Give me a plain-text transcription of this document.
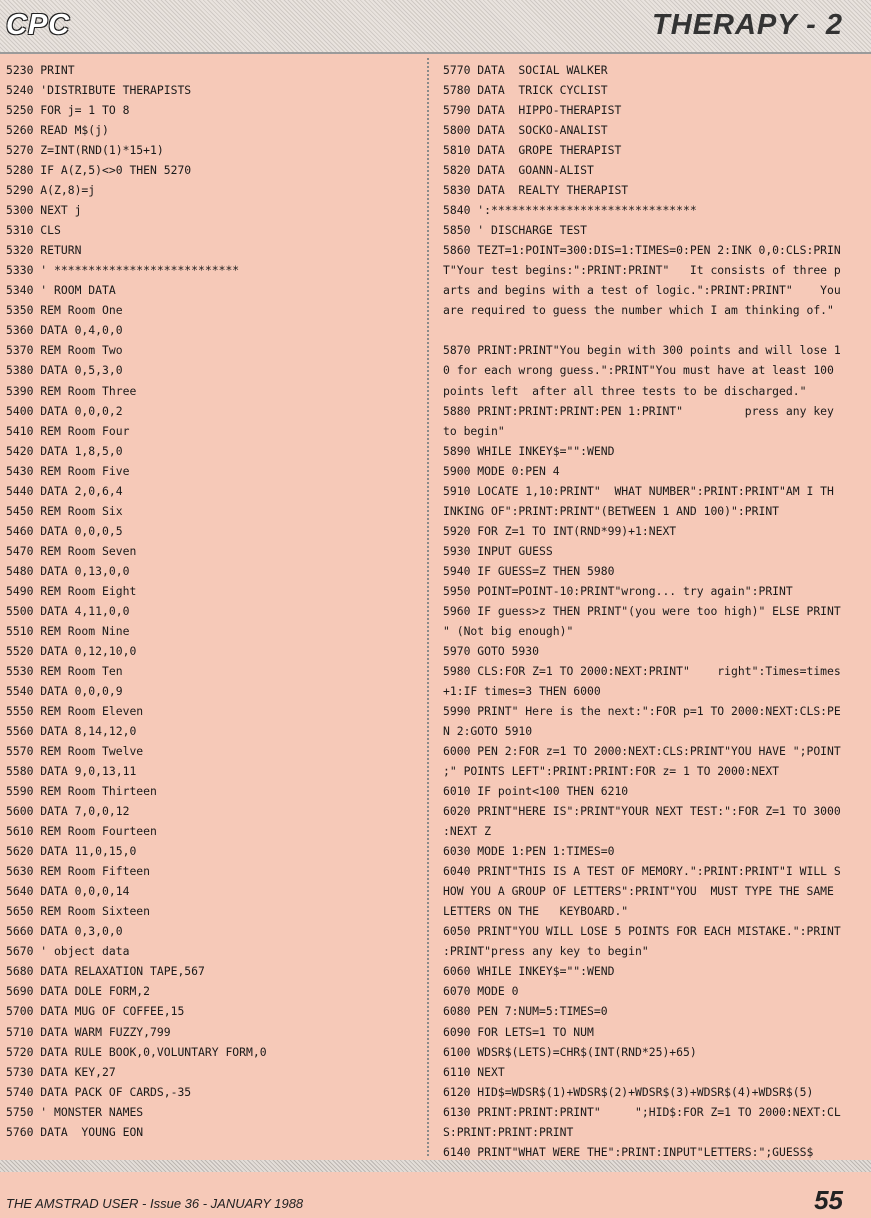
CPC	THERAPY - 2
5230 PRINT
5240 'DISTRIBUTE THERAPISTS
5250 FOR j= 1 TO 8
5260 READ M$(j)
5270 Z=INT(RND(1)*15+1)
5280 IF A(Z,5)<>0 THEN 5270
5290 A(Z,8)=j
5300 NEXT j
5310 CLS
5320 RETURN
5330 ' ***************************
5340 ' ROOM DATA
5350 REM Room One
5360 DATA 0,4,0,0
5370 REM Room Two
5380 DATA 0,5,3,0
5390 REM Room Three
5400 DATA 0,0,0,2
5410 REM Room Four
5420 DATA 1,8,5,0
5430 REM Room Five
5440 DATA 2,0,6,4
5450 REM Room Six
5460 DATA 0,0,0,5
5470 REM Room Seven
5480 DATA 0,13,0,0
5490 REM Room Eight
5500 DATA 4,11,0,0
5510 REM Room Nine
5520 DATA 0,12,10,0
5530 REM Room Ten
5540 DATA 0,0,0,9
5550 REM Room Eleven
5560 DATA 8,14,12,0
5570 REM Room Twelve
5580 DATA 9,0,13,11
5590 REM Room Thirteen
5600 DATA 7,0,0,12
5610 REM Room Fourteen
5620 DATA 11,0,15,0
5630 REM Room Fifteen
5640 DATA 0,0,0,14
5650 REM Room Sixteen
5660 DATA 0,3,0,0
5670 ' object data
5680 DATA RELAXATION TAPE,567
5690 DATA DOLE FORM,2
5700 DATA MUG OF COFFEE,15
5710 DATA WARM FUZZY,799
5720 DATA RULE BOOK,0,VOLUNTARY FORM,0
5730 DATA KEY,27
5740 DATA PACK OF CARDS,-35
5750 ' MONSTER NAMES
5760 DATA  YOUNG EON
5770 DATA  SOCIAL WALKER
5780 DATA  TRICK CYCLIST
5790 DATA  HIPPO-THERAPIST
5800 DATA  SOCKO-ANALIST
5810 DATA  GROPE THERAPIST
5820 DATA  GOANN-ALIST
5830 DATA  REALTY THERAPIST
5840 ':******************************
5850 ' DISCHARGE TEST
5860 TEZT=1:POINT=300:DIS=1:TIMES=0:PEN 2:INK 0,0:CLS:PRIN
T"Your test begins:":PRINT:PRINT"   It consists of three p
arts and begins with a test of logic.":PRINT:PRINT"    You
are required to guess the number which I am thinking of."
5870 PRINT:PRINT"You begin with 300 points and will lose 1
0 for each wrong guess.":PRINT"You must have at least 100
points left  after all three tests to be discharged."
5880 PRINT:PRINT:PRINT:PEN 1:PRINT"         press any key
to begin"
5890 WHILE INKEY$="":WEND
5900 MODE 0:PEN 4
5910 LOCATE 1,10:PRINT"  WHAT NUMBER":PRINT:PRINT"AM I TH
INKING OF":PRINT:PRINT"(BETWEEN 1 AND 100)":PRINT
5920 FOR Z=1 TO INT(RND*99)+1:NEXT
5930 INPUT GUESS
5940 IF GUESS=Z THEN 5980
5950 POINT=POINT-10:PRINT"wrong... try again":PRINT
5960 IF guess>z THEN PRINT"(you were too high)" ELSE PRINT
" (Not big enough)"
5970 GOTO 5930
5980 CLS:FOR Z=1 TO 2000:NEXT:PRINT"    right":Times=times
+1:IF times=3 THEN 6000
5990 PRINT" Here is the next:":FOR p=1 TO 2000:NEXT:CLS:PE
N 2:GOTO 5910
6000 PEN 2:FOR z=1 TO 2000:NEXT:CLS:PRINT"YOU HAVE ";POINT
;" POINTS LEFT":PRINT:PRINT:FOR z= 1 TO 2000:NEXT
6010 IF point<100 THEN 6210
6020 PRINT"HERE IS":PRINT"YOUR NEXT TEST:":FOR Z=1 TO 3000
:NEXT Z
6030 MODE 1:PEN 1:TIMES=0
6040 PRINT"THIS IS A TEST OF MEMORY.":PRINT:PRINT"I WILL S
HOW YOU A GROUP OF LETTERS":PRINT"YOU  MUST TYPE THE SAME
LETTERS ON THE   KEYBOARD."
6050 PRINT"YOU WILL LOSE 5 POINTS FOR EACH MISTAKE.":PRINT
:PRINT"press any key to begin"
6060 WHILE INKEY$="":WEND
6070 MODE 0
6080 PEN 7:NUM=5:TIMES=0
6090 FOR LETS=1 TO NUM
6100 WDSR$(LETS)=CHR$(INT(RND*25)+65)
6110 NEXT
6120 HID$=WDSR$(1)+WDSR$(2)+WDSR$(3)+WDSR$(4)+WDSR$(5)
6130 PRINT:PRINT:PRINT"     ";HID$:FOR Z=1 TO 2000:NEXT:CL
S:PRINT:PRINT:PRINT
6140 PRINT"WHAT WERE THE":PRINT:INPUT"LETTERS:";GUESS$
THE AMSTRAD USER - Issue 36 - JANUARY 1988	55
